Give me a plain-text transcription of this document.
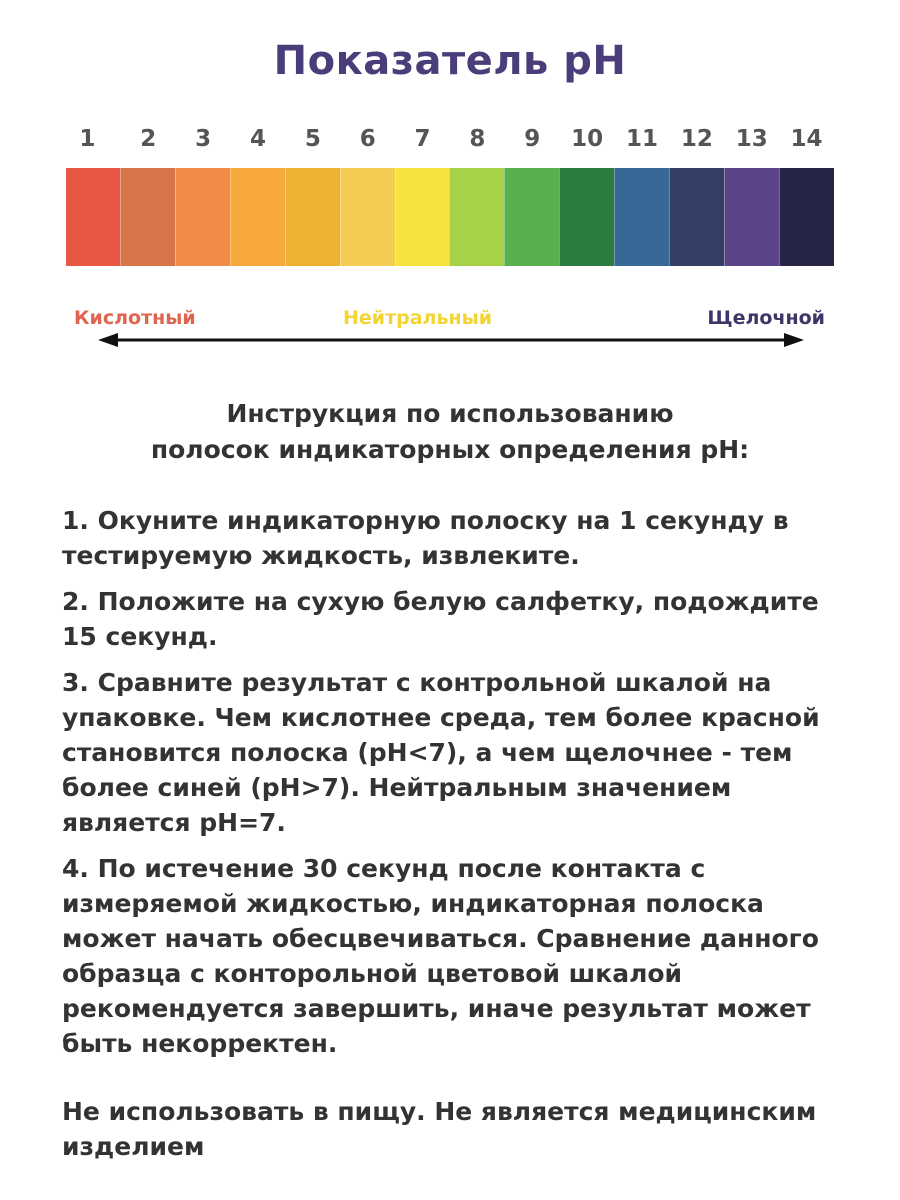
Показатель pH
1	2	3	4	5	6	7	8	9	10 11 12 13 14
Кислотный	Нейтральный	Щелочной
Инструкция по использованию
полосок индикаторных определения pH:

1. Окуните индикаторную полоску на 1 секунду в тестируемую жидкость, извлеките.

2. Положите на сухую белую салфетку, подождите 15 секунд.

3. Сравните результат с контрольной шкалой на упаковке. Чем кислотнее среда, тем более красной становится полоска (pH<7), а чем щелочнее - тем более синей (pH>7). Нейтральным значением является pH=7.

4. По истечение 30 секунд после контакта с измеряемой жидкостью, индикаторная полоска может начать обесцвечиваться. Сравнение данного образца с конторольной цветовой шкалой рекомендуется завершить, иначе результат может быть некорректен.

Не использовать в пищу. Не является медицинским изделием
